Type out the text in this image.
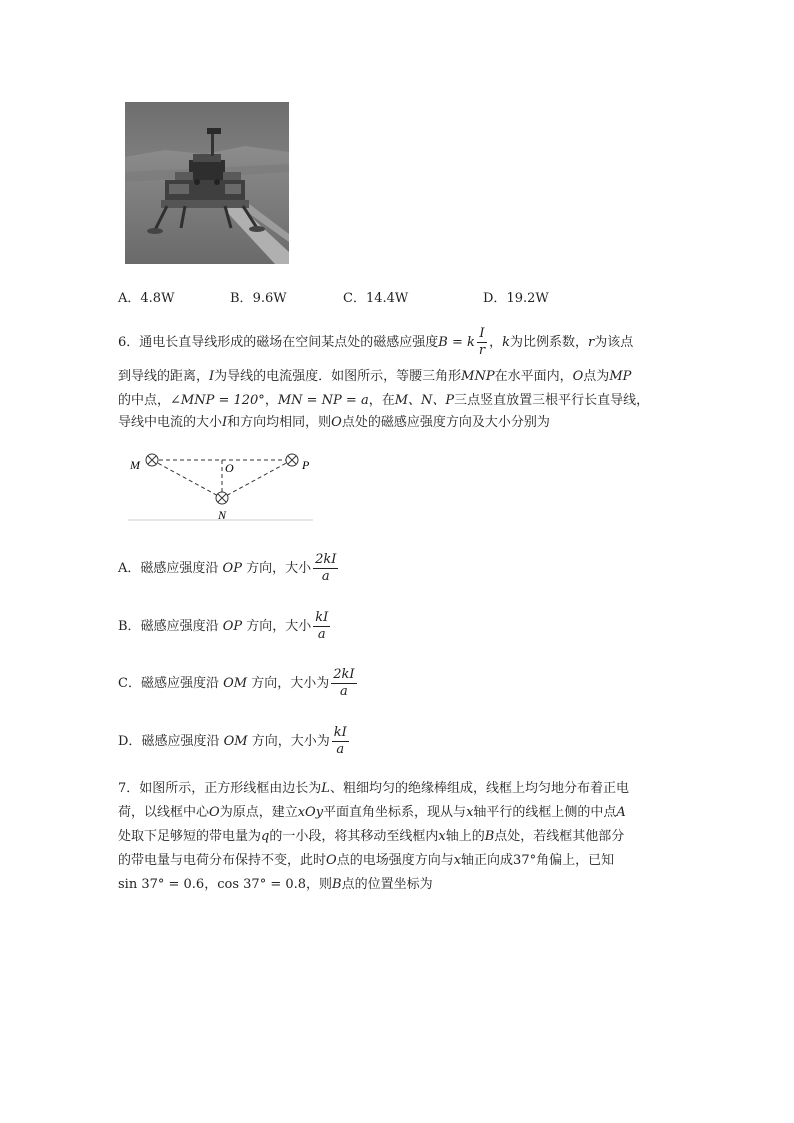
A．4.8W	B．9.6W	C．14.4W	D．19.2W
6．通电长直导线形成的磁场在空间某点处的磁感应强度B = k $\frac{I}{r}$ ，k为比例系数，r为该点
到导线的距离，I为导线的电流强度．如图所示，等腰三角形MNP在水平面内，O点为MP
的中点，∠MNP = 120°，MN = NP = a，在M、N、P三点竖直放置三根平行长直导线，
导线中电流的大小I和方向均相同，则O点处的磁感应强度方向及大小分别为
M	O	P
N
A．磁感应强度沿 OP 方向，大小 $\frac{2kI}{a}$
B．磁感应强度沿 OP 方向，大小 $\frac{kI}{a}$
C．磁感应强度沿 OM 方向，大小为 $\frac{2kI}{a}$
D．磁感应强度沿 OM 方向，大小为 $\frac{kI}{a}$
7．如图所示，正方形线框由边长为L、粗细均匀的绝缘棒组成，线框上均匀地分布着正电
荷，以线框中心O为原点，建立xOy平面直角坐标系，现从与x轴平行的线框上侧的中点A
处取下足够短的带电量为q的一小段，将其移动至线框内x轴上的B点处，若线框其他部分
的带电量与电荷分布保持不变，此时O点的电场强度方向与x轴正向成37°角偏上，已知
sin 37° = 0.6，cos 37° = 0.8，则B点的位置坐标为
